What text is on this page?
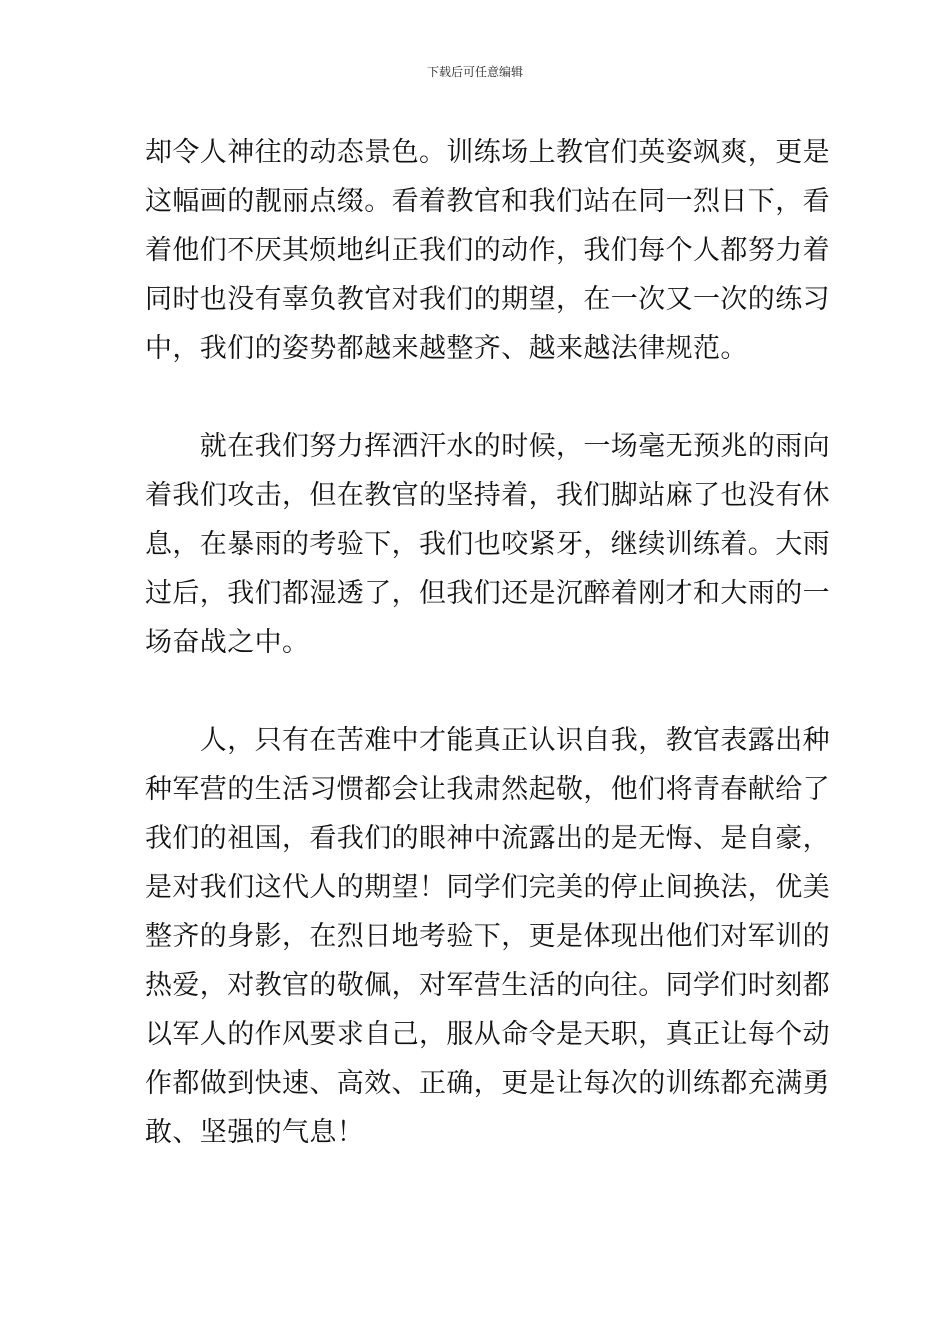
下载后可任意编辑
却令人神往的动态景色。训练场上教官们英姿飒爽，更是
这幅画的靓丽点缀。看着教官和我们站在同一烈日下，看
着他们不厌其烦地纠正我们的动作，我们每个人都努力着
同时也没有辜负教官对我们的期望，在一次又一次的练习
中，我们的姿势都越来越整齐、越来越法律规范。
　　就在我们努力挥洒汗水的时候，一场毫无预兆的雨向
着我们攻击，但在教官的坚持着，我们脚站麻了也没有休
息，在暴雨的考验下，我们也咬紧牙，继续训练着。大雨
过后，我们都湿透了，但我们还是沉醉着刚才和大雨的一
场奋战之中。
　　人，只有在苦难中才能真正认识自我，教官表露出种
种军营的生活习惯都会让我肃然起敬，他们将青春献给了
我们的祖国，看我们的眼神中流露出的是无悔、是自豪，
是对我们这代人的期望！同学们完美的停止间换法，优美
整齐的身影，在烈日地考验下，更是体现出他们对军训的
热爱，对教官的敬佩，对军营生活的向往。同学们时刻都
以军人的作风要求自己，服从命令是天职，真正让每个动
作都做到快速、高效、正确，更是让每次的训练都充满勇
敢、坚强的气息！
